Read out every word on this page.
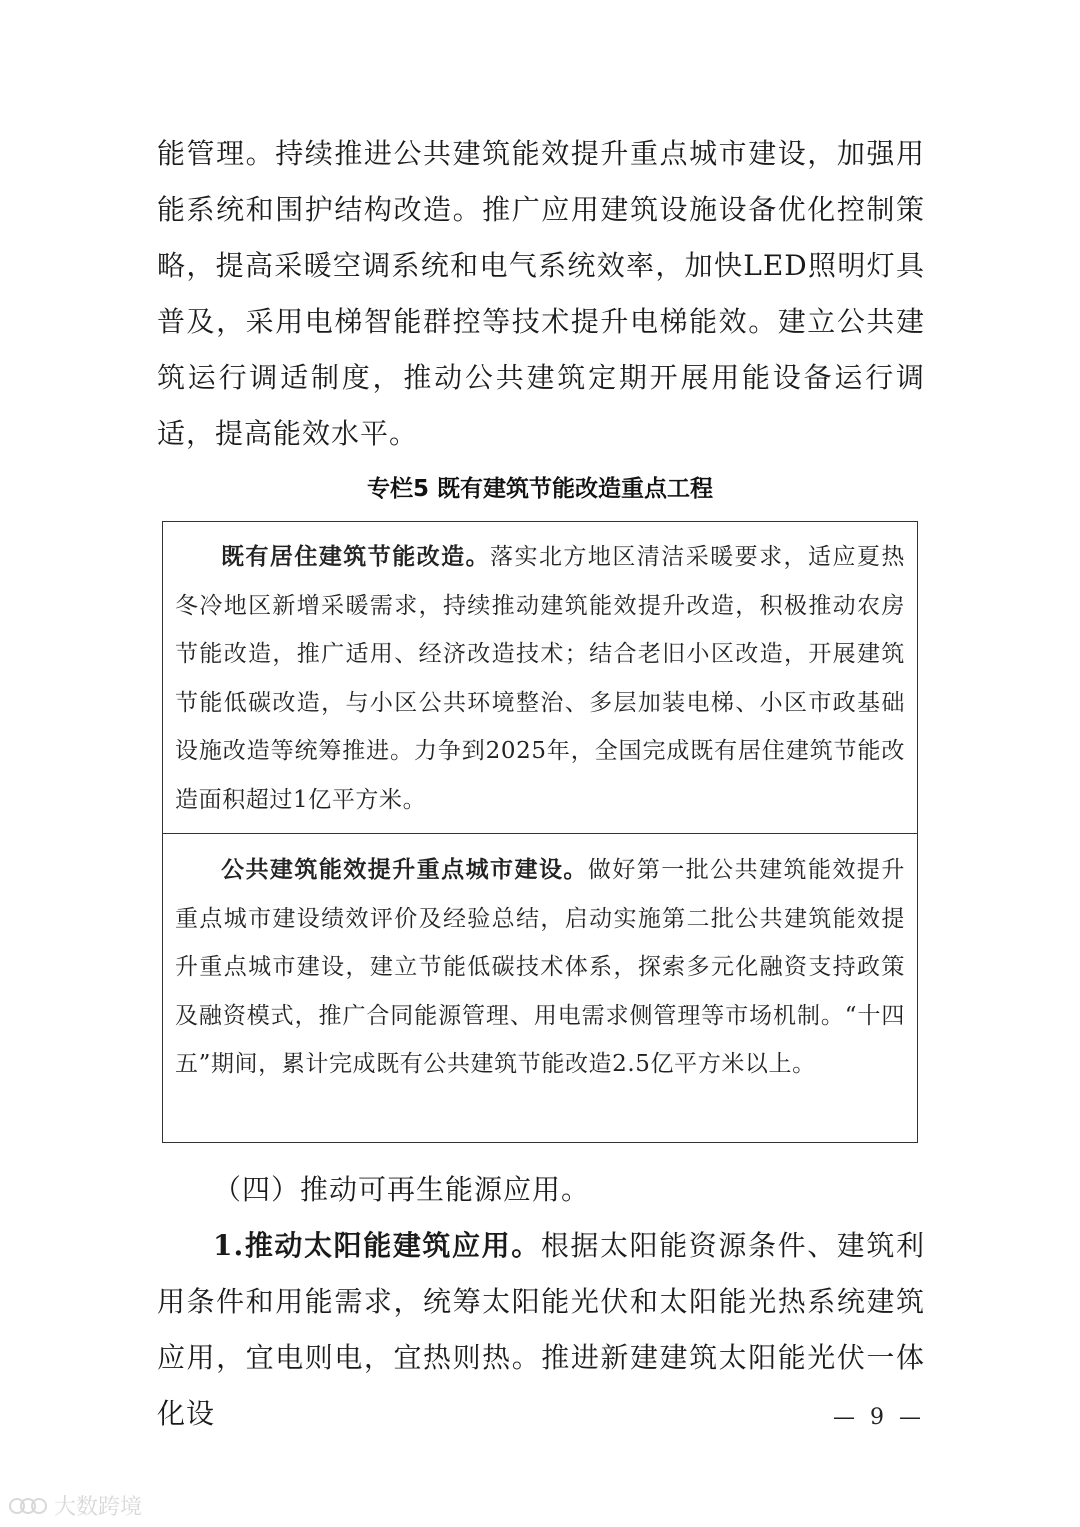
能管理。持续推进公共建筑能效提升重点城市建设，加强用能系统和围护结构改造。推广应用建筑设施设备优化控制策略，提高采暖空调系统和电气系统效率，加快LED照明灯具普及，采用电梯智能群控等技术提升电梯能效。建立公共建筑运行调适制度，推动公共建筑定期开展用能设备运行调适，提高能效水平。

专栏5 既有建筑节能改造重点工程

既有居住建筑节能改造。落实北方地区清洁采暖要求，适应夏热冬冷地区新增采暖需求，持续推动建筑能效提升改造，积极推动农房节能改造，推广适用、经济改造技术；结合老旧小区改造，开展建筑节能低碳改造，与小区公共环境整治、多层加装电梯、小区市政基础设施改造等统筹推进。力争到2025年，全国完成既有居住建筑节能改造面积超过1亿平方米。

公共建筑能效提升重点城市建设。做好第一批公共建筑能效提升重点城市建设绩效评价及经验总结，启动实施第二批公共建筑能效提升重点城市建设，建立节能低碳技术体系，探索多元化融资支持政策及融资模式，推广合同能源管理、用电需求侧管理等市场机制。“十四五”期间，累计完成既有公共建筑节能改造2.5亿平方米以上。

（四）推动可再生能源应用。

1.推动太阳能建筑应用。根据太阳能资源条件、建筑利用条件和用能需求，统筹太阳能光伏和太阳能光热系统建筑应用，宜电则电，宜热则热。推进新建建筑太阳能光伏一体化设	— 9 —
大数跨境
